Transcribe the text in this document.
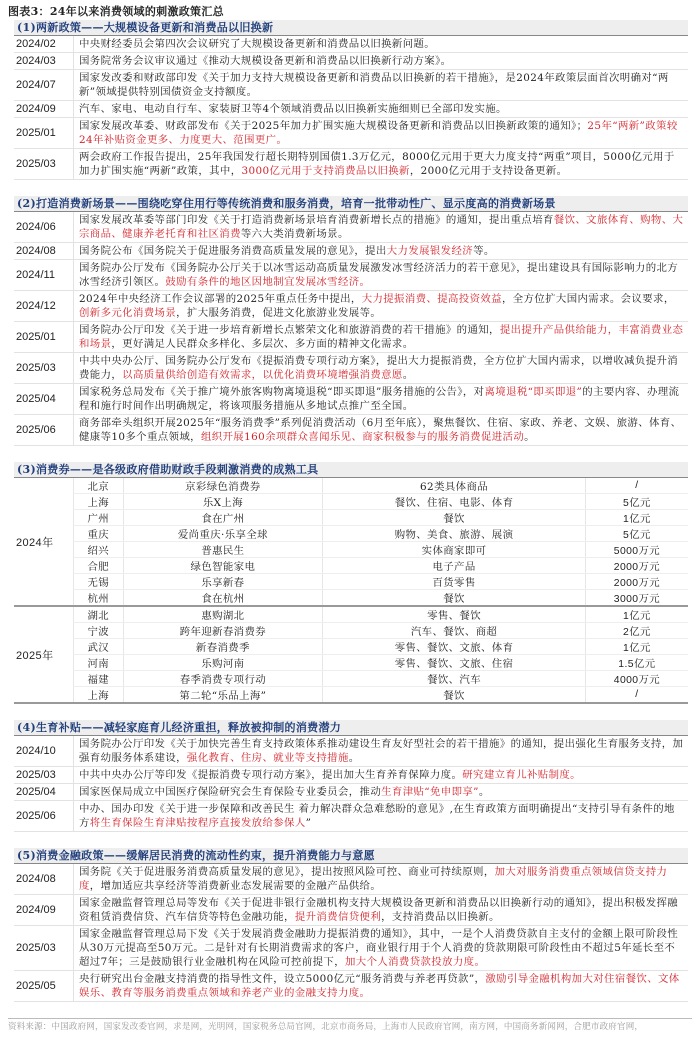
图表3：24年以来消费领域的刺激政策汇总
(1)两新政策——大规模设备更新和消费品以旧换新
2024/02	中央财经委员会第四次会议研究了大规模设备更新和消费品以旧换新问题。
2024/03	国务院常务会议审议通过《推动大规模设备更新和消费品以旧换新行动方案》。
2024/07
国家发改委和财政部印发《关于加力支持大规模设备更新和消费品以旧换新的若干措施》，是2024年政策层面首次明确对“两新”领域提供特别国债资金支持额度。
2024/09	汽车、家电、电动自行车、家装厨卫等4个领域消费品以旧换新实施细则已全部印发实施。
2025/01
国家发展改革委、财政部发布《关于2025年加力扩围实施大规模设备更新和消费品以旧换新政策的通知》；25年“两新”政策较24年补贴资金更多、力度更大、范围更广。
2025/03
两会政府工作报告提出，25年我国发行超长期特别国债1.3万亿元，8000亿元用于更大力度支持“两重”项目，5000亿元用于加力扩围实施“两新”政策，其中，3000亿元用于支持消费品以旧换新，2000亿元用于支持设备更新。
(2)打造消费新场景——围绕吃穿住用行等传统消费和服务消费，培育一批带动性广、显示度高的消费新场景
2024/06
国家发展改革委等部门印发《关于打造消费新场景培育消费新增长点的措施》的通知，提出重点培育餐饮、文旅体育、购物、大宗商品、健康养老托育和社区消费等六大类消费新场景。
2024/08	国务院公布《国务院关于促进服务消费高质量发展的意见》，提出大力发展银发经济等。
2024/11
国务院办公厅发布《国务院办公厅关于以冰雪运动高质量发展激发冰雪经济活力的若干意见》，提出建设具有国际影响力的北方冰雪经济引领区。鼓励有条件的地区因地制宜发展冰雪经济。
2024/12
2024年中央经济工作会议部署的2025年重点任务中提出，大力提振消费、提高投资效益，全方位扩大国内需求。会议要求，创新多元化消费场景，扩大服务消费，促进文化旅游业发展等。
2025/01
国务院办公厅印发《关于进一步培育新增长点繁荣文化和旅游消费的若干措施》的通知，提出提升产品供给能力，丰富消费业态和场景，更好满足人民群众多样化、多层次、多方面的精神文化需求。
2025/03
中共中央办公厅、国务院办公厅发布《提振消费专项行动方案》，提出大力提振消费，全方位扩大国内需求，以增收减负提升消费能力，以高质量供给创造有效需求，以优化消费环境增强消费意愿。
2025/04
国家税务总局发布《关于推广境外旅客购物离境退税“即买即退”服务措施的公告》，对离境退税“即买即退”的主要内容、办理流程和施行时间作出明确规定，将该项服务措施从多地试点推广至全国。
2025/06
商务部牵头组织开展2025年“服务消费季”系列促消费活动（6月至年底），聚焦餐饮、住宿、家政、养老、文娱、旅游、体育、健康等10多个重点领域，组织开展160余项群众喜闻乐见、商家积极参与的服务消费促进活动。
(3)消费券——是各级政府借助财政手段刺激消费的成熟工具
2024年	北京	京彩绿色消费券	62类具体商品	/
	上海	乐X上海	餐饮、住宿、电影、体育	5亿元
	广州	食在广州	餐饮	1亿元
	重庆	爱尚重庆·乐享全球	购物、美食、旅游、展演	5亿元
	绍兴	普惠民生	实体商家即可	5000万元
	合肥	绿色智能家电	电子产品	2000万元
	无锡	乐享新春	百货零售	2000万元
	杭州	食在杭州	餐饮	3000万元
2025年	湖北	惠购湖北	零售、餐饮	1亿元
	宁波	跨年迎新春消费券	汽车、餐饮、商超	2亿元
	武汉	新春消费季	零售、餐饮、文旅、体育	1亿元
	河南	乐购河南	零售、餐饮、文旅、住宿	1.5亿元
	福建	春季消费专项行动	餐饮、汽车	4000万元
	上海	第二轮“乐品上海”	餐饮	/
(4)生育补贴——减轻家庭育儿经济重担，释放被抑制的消费潜力
2024/10
国务院办公厅印发《关于加快完善生育支持政策体系推动建设生育友好型社会的若干措施》的通知，提出强化生育服务支持，加强育幼服务体系建设，强化教育、住房、就业等支持措施。
2025/03	中共中央办公厅等印发《提振消费专项行动方案》，提出加大生育养育保障力度。研究建立育儿补贴制度。
2025/04	国家医保局成立中国医疗保险研究会生育保险专业委员会，推动生育津贴“免申即享”。
2025/06
中办、国办印发《关于进一步保障和改善民生 着力解决群众急难愁盼的意见》,在生育政策方面明确提出“支持引导有条件的地方将生育保险生育津贴按程序直接发放给参保人”
(5)消费金融政策——缓解居民消费的流动性约束，提升消费能力与意愿
2024/08
国务院《关于促进服务消费高质量发展的意见》，提出按照风险可控、商业可持续原则，加大对服务消费重点领域信贷支持力度，增加适应共享经济等消费新业态发展需要的金融产品供给。
2024/09
国家金融监督管理总局等发布《关于促进非银行金融机构支持大规模设备更新和消费品以旧换新行动的通知》，提出积极发挥融资租赁消费信贷、汽车信贷等特色金融功能，提升消费信贷便利，支持消费品以旧换新。
2025/03
国家金融监督管理总局下发《关于发展消费金融助力提振消费的通知》，其中，一是个人消费贷款自主支付的金额上限可阶段性从30万元提高至50万元。二是针对有长期消费需求的客户，商业银行用于个人消费的贷款期限可阶段性由不超过5年延长至不超过7年；三是鼓励银行业金融机构在风险可控前提下，加大个人消费贷款投放力度。
2025/05
央行研究出台金融支持消费的指导性文件，设立5000亿元“服务消费与养老再贷款”，激励引导金融机构加大对住宿餐饮、文体娱乐、教育等服务消费重点领域和养老产业的金融支持力度。
资料来源：中国政府网，国家发改委官网，求是网，光明网，国家税务总局官网，北京市商务局，上海市人民政府官网，南方网，中国商务新闻网，合肥市政府官网，
